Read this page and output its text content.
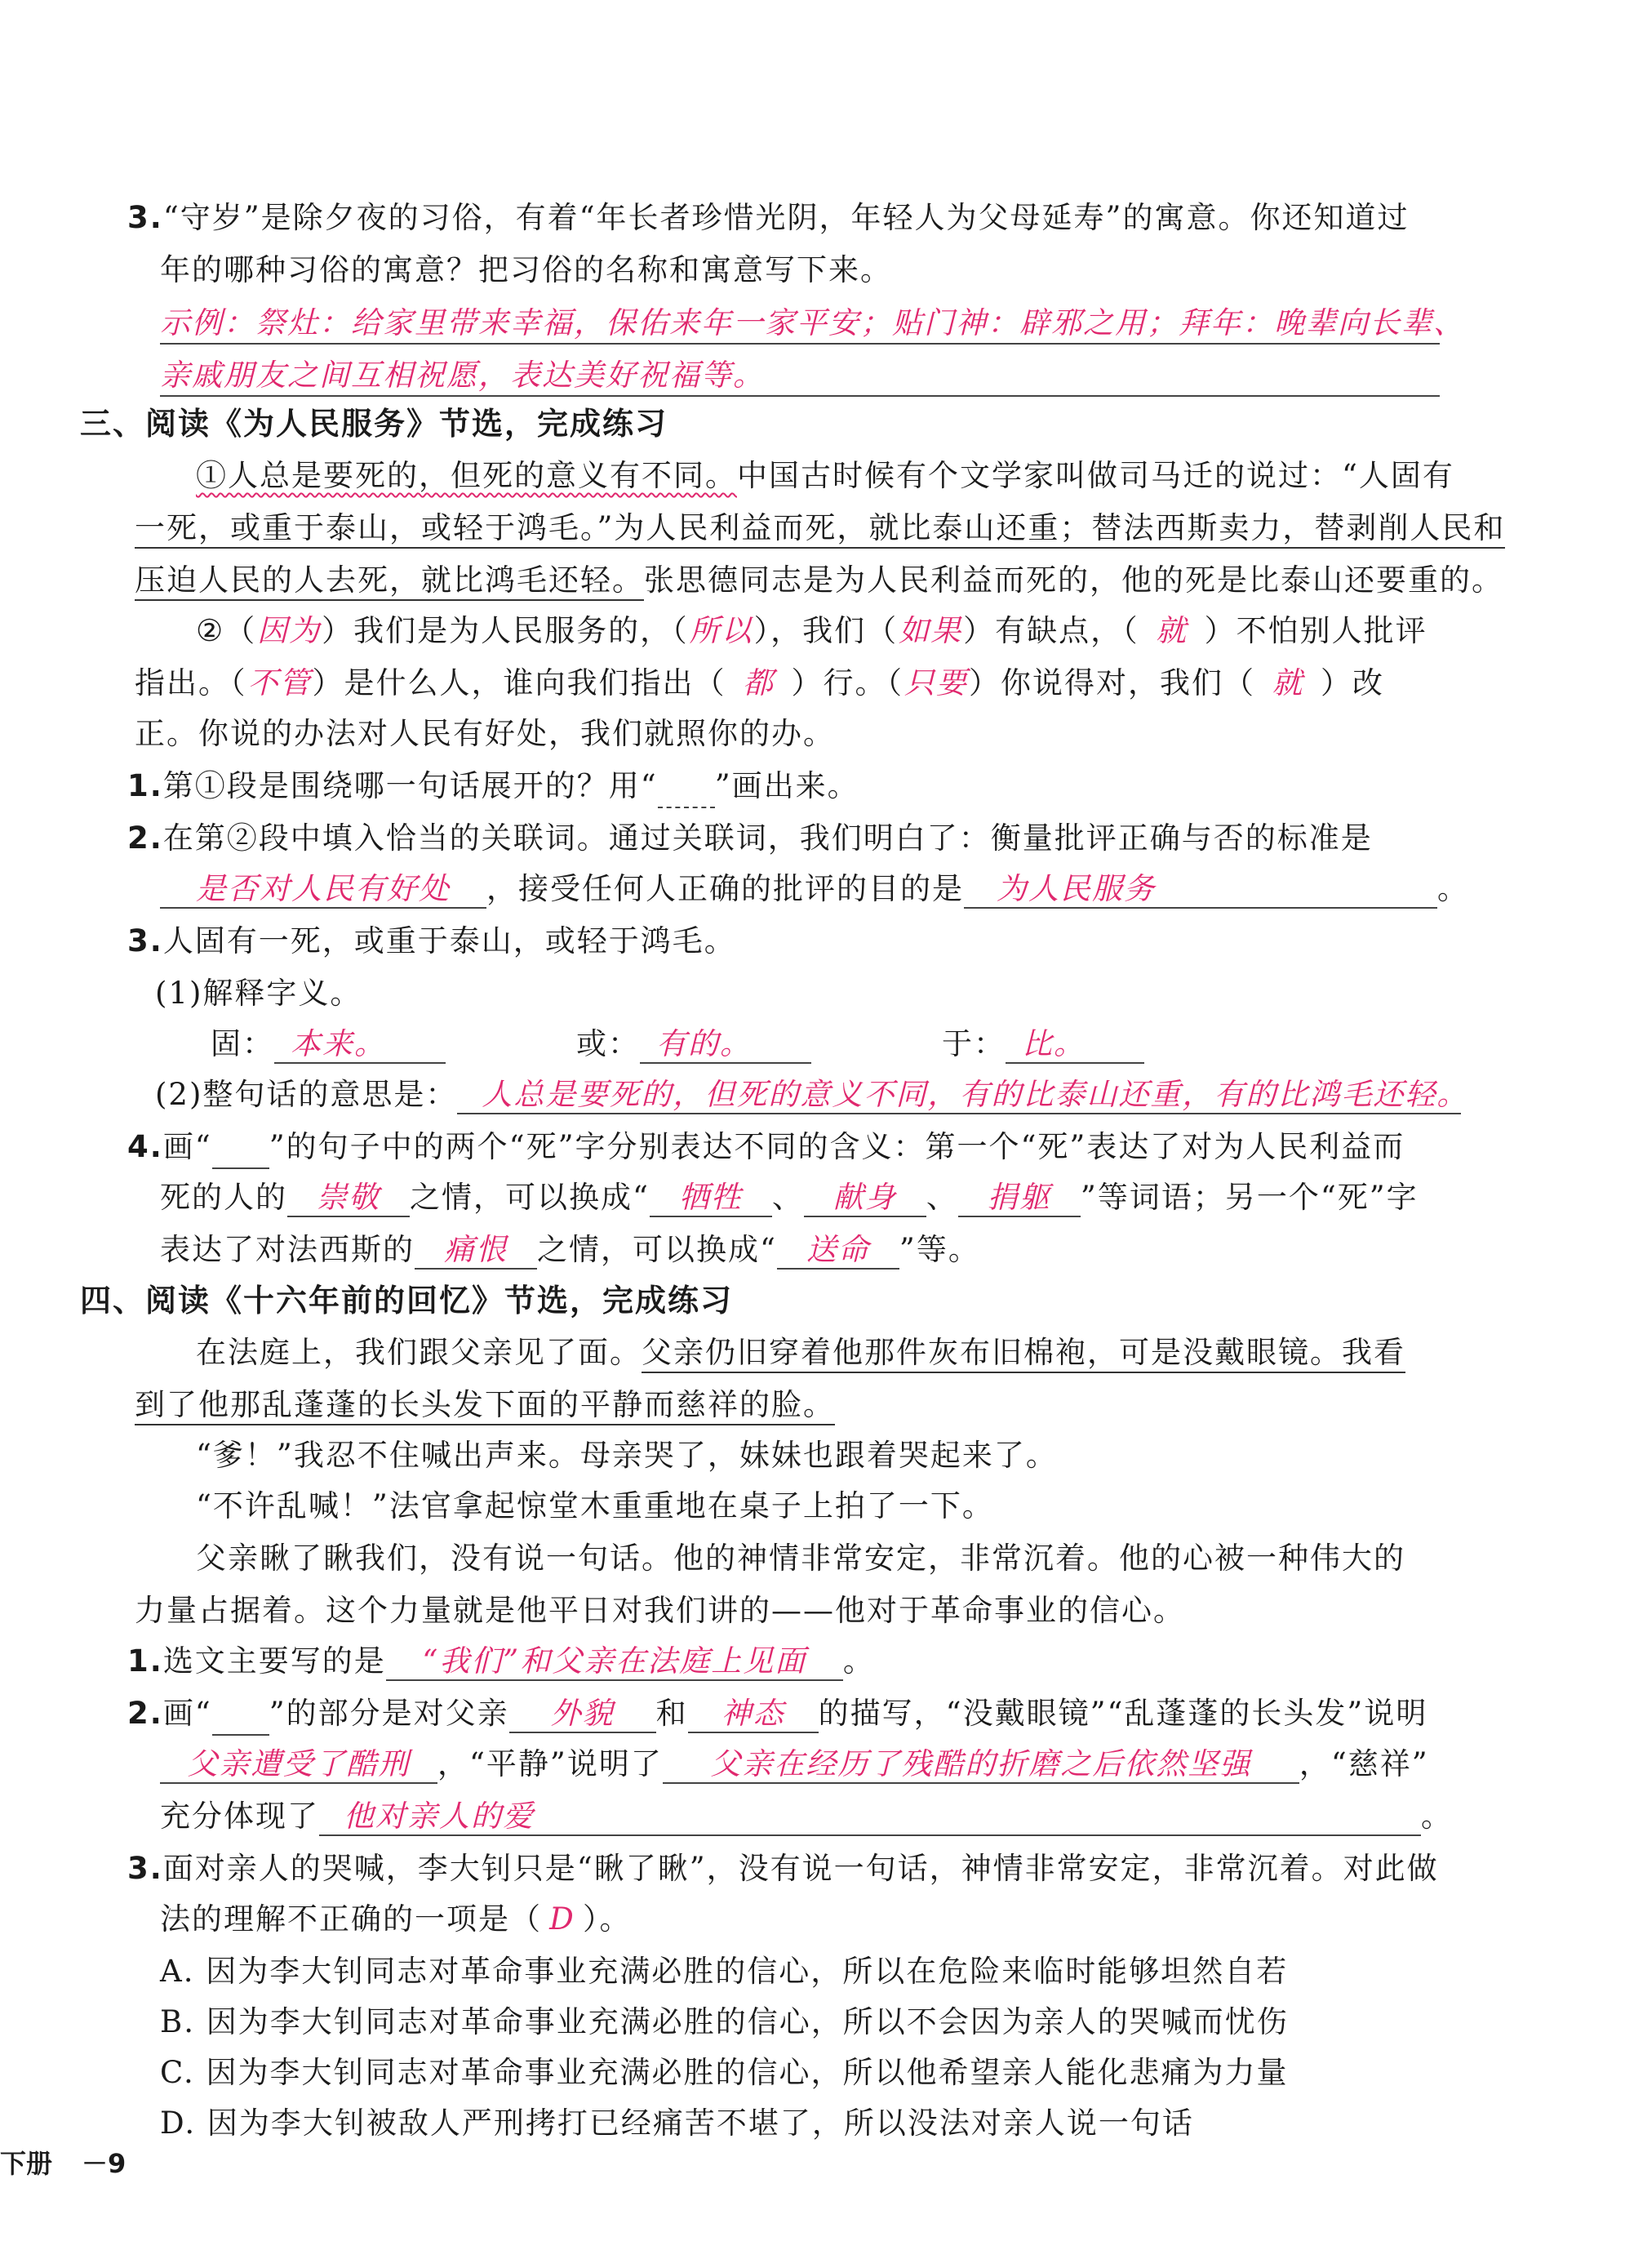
3.“守岁”是除夕夜的习俗，有着“年长者珍惜光阴，年轻人为父母延寿”的寓意。你还知道过
年的哪种习俗的寓意？把习俗的名称和寓意写下来。
示例：祭灶：给家里带来幸福，保佑来年一家平安；贴门神：辟邪之用；拜年：晚辈向长辈、
亲戚朋友之间互相祝愿，表达美好祝福等。
三、阅读《为人民服务》节选，完成练习
①人总是要死的，但死的意义有不同。中国古时候有个文学家叫做司马迁的说过：“人固有
一死，或重于泰山，或轻于鸿毛。”为人民利益而死，就比泰山还重；替法西斯卖力，替剥削人民和
压迫人民的人去死，就比鸿毛还轻。张思德同志是为人民利益而死的，他的死是比泰山还要重的。
②（因为）我们是为人民服务的，（所以），我们（如果）有缺点，（ 就 ）不怕别人批评
指出。（不管）是什么人，谁向我们指出（ 都 ）行。（只要）你说得对，我们（ 就 ）改
正。你说的办法对人民有好处，我们就照你的办。
1.第①段是围绕哪一句话展开的？用“ ”画出来。
2.在第②段中填入恰当的关联词。通过关联词，我们明白了：衡量批评正确与否的标准是
是否对人民有好处 ，接受任何人正确的批评的目的是 为人民服务	。
3.人固有一死，或重于泰山，或轻于鸿毛。
(1)解释字义。
固： 本来。	或： 有的。	于： 比。
(2)整句话的意思是： 人总是要死的，但死的意义不同，有的比泰山还重，有的比鸿毛还轻。
4.画“ ”的句子中的两个“死”字分别表达不同的含义：第一个“死”表达了对为人民利益而
死的人的 崇敬 之情，可以换成“ 牺牲 、 献身 、 捐躯 ”等词语；另一个“死”字
表达了对法西斯的 痛恨 之情，可以换成“ 送命 ”等。
四、阅读《十六年前的回忆》节选，完成练习
在法庭上，我们跟父亲见了面。父亲仍旧穿着他那件灰布旧棉袍，可是没戴眼镜。我看
到了他那乱蓬蓬的长头发下面的平静而慈祥的脸。
“爹！”我忍不住喊出声来。母亲哭了，妹妹也跟着哭起来了。
“不许乱喊！”法官拿起惊堂木重重地在桌子上拍了一下。
父亲瞅了瞅我们，没有说一句话。他的神情非常安定，非常沉着。他的心被一种伟大的
力量占据着。这个力量就是他平日对我们讲的——他对于革命事业的信心。
1.选文主要写的是 “我们”和父亲在法庭上见面 。
2.画“ ”的部分是对父亲 外貌 和 神态 的描写，“没戴眼镜”“乱蓬蓬的长头发”说明
父亲遭受了酷刑 ，“平静”说明了 父亲在经历了残酷的折磨之后依然坚强 ，“慈祥”
充分体现了 他对亲人的爱	。
3.面对亲人的哭喊，李大钊只是“瞅了瞅”，没有说一句话，神情非常安定，非常沉着。对此做
法的理解不正确的一项是（ D ）。
A. 因为李大钊同志对革命事业充满必胜的信心，所以在危险来临时能够坦然自若
B. 因为李大钊同志对革命事业充满必胜的信心，所以不会因为亲人的哭喊而忧伤
C. 因为李大钊同志对革命事业充满必胜的信心，所以他希望亲人能化悲痛为力量
D. 因为李大钊被敌人严刑拷打已经痛苦不堪了，所以没法对亲人说一句话
下册 －9
